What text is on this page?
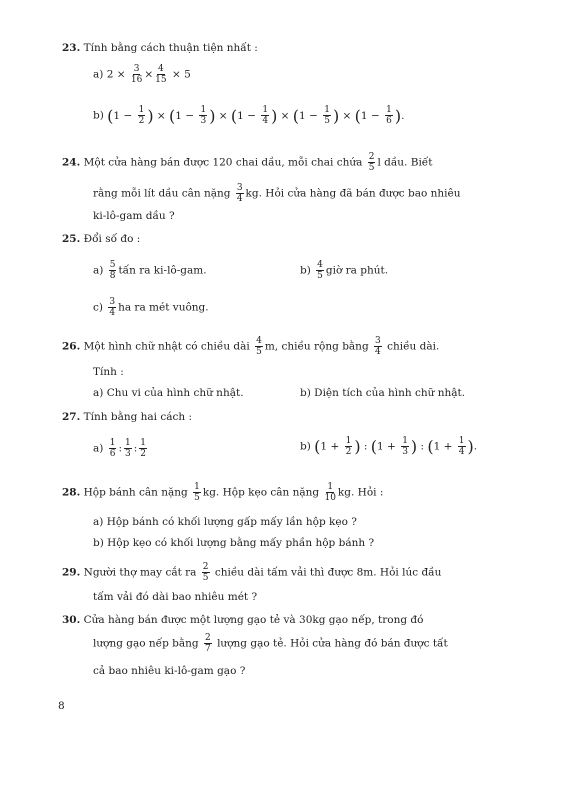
23. Tính bằng cách thuận tiện nhất :
a) $2 \times \frac{3}{16} \times \frac{4}{15} \times 5$
b) ($1 - \frac{1}{2}$ ) × ($1 - \frac{1}{3}$ ) × ($1 - \frac{1}{4}$ ) × ($1 - \frac{1}{5}$ ) × ($1 - \frac{1}{6}$ ).
24. Một cửa hàng bán được 120 chai dầu, mỗi chai chứa $\frac{2}{5}$ l dầu. Biết
rằng mỗi lít dầu cân nặng $\frac{3}{4}$ kg. Hỏi cửa hàng đã bán được bao nhiêu
ki-lô-gam dầu ?
25. Đổi số đo :
$a) \frac{5}{8}$ tấn ra ki-lô-gam.	$b) \frac{4}{5}$ giờ ra phút.
$c) \frac{3}{4}$ ha ra mét vuông.
26. Một hình chữ nhật có chiều dài $\frac{4}{5} m$, chiều rộng bằng $\frac{3}{4}$ chiều dài.
Tính :
a) Chu vi của hình chữ nhật.	b) Diện tích của hình chữ nhật.
27. Tính bằng hai cách :
$a) \frac{1}{6}$ : $\frac{1}{3}$ : $\frac{1}{2}$	b) ($1 + \frac{1}{2}$ ) : ($1 + \frac{1}{3}$ ) : ($1 + \frac{1}{4}$ ).
28. Hộp bánh cân nặng $\frac{1}{5}$ kg. Hộp kẹo cân nặng $\frac{1}{10}$ kg. Hỏi :
a) Hộp bánh có khối lượng gấp mấy lần hộp kẹo ?
b) Hộp kẹo có khối lượng bằng mấy phần hộp bánh ?
29. Người thợ may cắt ra $\frac{2}{5}$ chiều dài tấm vải thì được 8m. Hỏi lúc đầu
tấm vải đó dài bao nhiêu mét ?
30. Cửa hàng bán được một lượng gạo tẻ và 30kg gạo nếp, trong đó
lượng gạo nếp bằng $\frac{2}{7}$ lượng gạo tẻ. Hỏi cửa hàng đó bán được tất
cả bao nhiêu ki-lô-gam gạo ?
8
